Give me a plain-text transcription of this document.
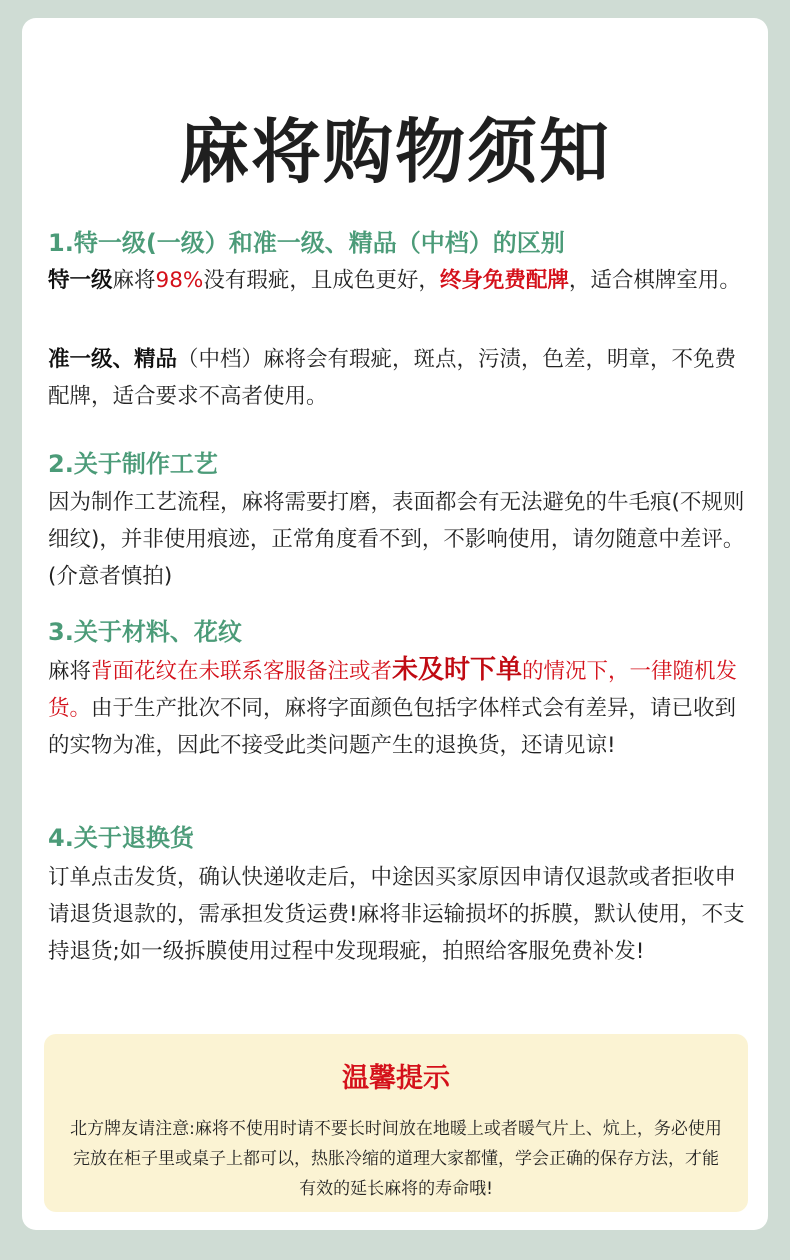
麻将购物须知
1.特一级(一级）和准一级、精品（中档）的区别
特一级麻将98%没有瑕疵，且成色更好，终身免费配牌，适合棋牌室用。
准一级、精品（中档）麻将会有瑕疵，斑点，污渍，色差，明章，不免费配牌，适合要求不高者使用。
2.关于制作工艺
因为制作工艺流程，麻将需要打磨，表面都会有无法避免的牛毛痕(不规则细纹)，并非使用痕迹，正常角度看不到，不影响使用，请勿随意中差评。(介意者慎拍)
3.关于材料、花纹
麻将背面花纹在未联系客服备注或者未及时下单的情况下，一律随机发货。由于生产批次不同，麻将字面颜色包括字体样式会有差异，请已收到的实物为准，因此不接受此类问题产生的退换货，还请见谅!
4.关于退换货
订单点击发货，确认快递收走后，中途因买家原因申请仅退款或者拒收申请退货退款的，需承担发货运费!麻将非运输损坏的拆膜，默认使用，不支持退货;如一级拆膜使用过程中发现瑕疵，拍照给客服免费补发!
温馨提示
北方牌友请注意:麻将不使用时请不要长时间放在地暖上或者暖气片上、炕上，务必使用完放在柜子里或桌子上都可以，热胀冷缩的道理大家都懂，学会正确的保存方法，才能有效的延长麻将的寿命哦!
